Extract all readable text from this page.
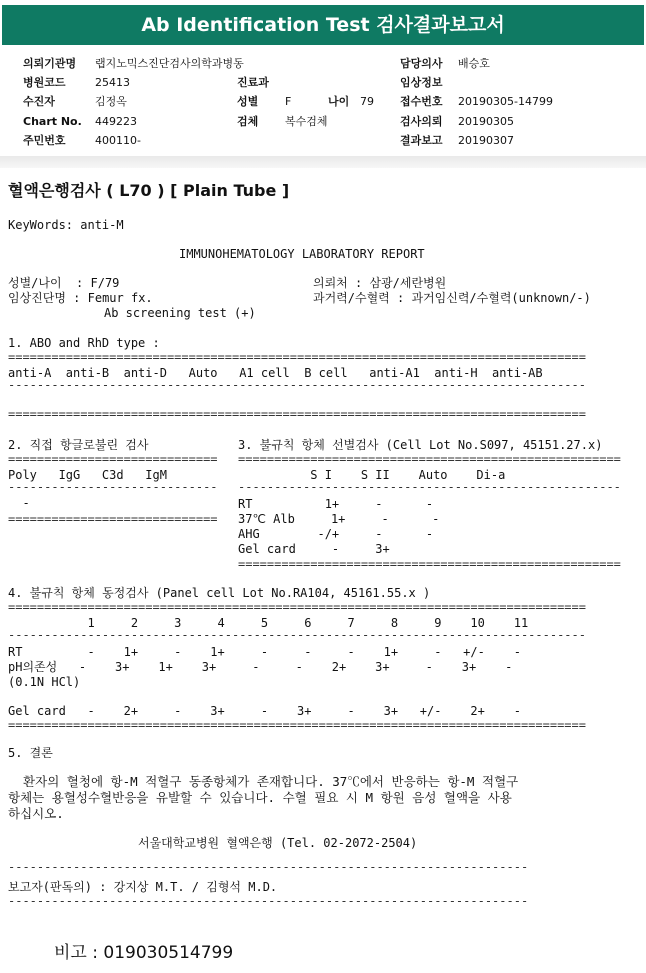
Ab Identification Test 검사결과보고서
의뢰기관명 랩지노믹스진단검사의학과병동	담당의사 배승호
병원코드	25413	진료과	임상정보
수진자	김정옥	성별 F	나이 79 접수번호 20190305-14799
Chart No. 449223	검체 복수검체	검사의뢰 20190305
주민번호	400110-	결과보고 20190307
혈액은행검사 ( L70 ) [ Plain Tube ]
KeyWords: anti-M
IMMUNOHEMATOLOGY LABORATORY REPORT
성별/나이  : F/79	의뢰처 : 삼광/세란병원
임상진단명 : Femur fx.	과거력/수혈력 : 과거임신력/수혈력(unknown/-)
Ab screening test (+)
1. ABO and RhD type :
================================================================================
anti-A  anti-B  anti-D   Auto   A1 cell  B cell   anti-A1  anti-H  anti-AB
--------------------------------------------------------------------------------
================================================================================
2. 직접 항글로불린 검사
=============================
Poly   IgG   C3d   IgM
-----------------------------
-
=============================
3. 불규칙 항체 선별검사 (Cell Lot No.S097, 45151.27.x)
=====================================================
S I    S II    Auto    Di-a
-----------------------------------------------------
RT          1+     -      -
37℃ Alb     1+     -      -
AHG        -/+     -      -
Gel card     -     3+
=====================================================
4. 불규칙 항체 동정검사 (Panel cell Lot No.RA104, 45161.55.x )
================================================================================
1     2     3     4     5     6     7     8     9    10    11
--------------------------------------------------------------------------------
RT         -    1+     -    1+     -     -     -    1+     -   +/-    -
pH의존성   -    3+    1+    3+     -     -    2+    3+     -    3+    -
(0.1N HCl)
Gel card   -    2+     -    3+     -    3+     -    3+   +/-    2+    -
================================================================================
5. 결론
환자의 혈청에 항-M 적혈구 동종항체가 존재합니다. 37℃에서 반응하는 항-M 적혈구
항체는 용혈성수혈반응을 유발할 수 있습니다. 수혈 필요 시 M 항원 음성 혈액을 사용
하십시오.
서울대학교병원 혈액은행 (Tel. 02-2072-2504)
------------------------------------------------------------------------
보고자(판독의) : 강지상 M.T. / 김형석 M.D.
------------------------------------------------------------------------
비고 : 019030514799
